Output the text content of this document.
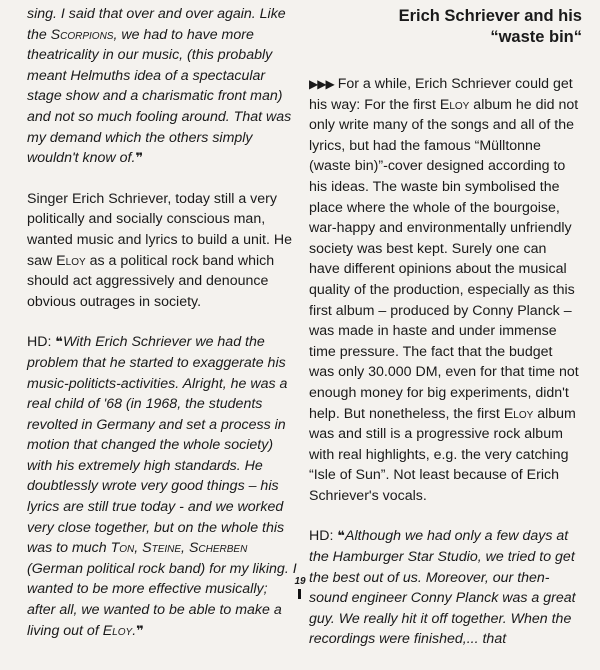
sing. I said that over and over again. Like the Scorpions, we had to have more theatricality in our music, (this probably meant Helmuths idea of a spectacular stage show and a charismatic front man) and not so much fooling around. That was my demand which the others simply wouldn't know of.❞

Singer Erich Schriever, today still a very politically and socially conscious man, wanted music and lyrics to build a unit. He saw Eloy as a political rock band which should act aggressively and denounce obvious outrages in society.

HD: ❝With Erich Schriever we had the problem that he started to exaggerate his music-politicts-activities. Alright, he was a real child of '68 (in 1968, the students revolted in Germany and set a process in motion that changed the whole society) with his extremely high standards. He doubtlessly wrote very good things – his lyrics are still true today - and we worked very close together, but on the whole this was to much Ton, Steine, Scherben (German political rock band) for my liking. I wanted to be more effective musically; after all, we wanted to be able to make a living out of Eloy.❞

Erich Schriever and his
“waste bin“

▶▶▶ For a while, Erich Schriever could get his way: For the first Eloy album he did not only write many of the songs and all of the lyrics, but had the famous “Mülltonne (waste bin)”-cover designed according to his ideas. The waste bin symbolised the place where the whole of the bourgoise, war-happy and environmentally unfriendly society was best kept. Surely one can have different opinions about the musical quality of the production, especially as this first album – produced by Conny Planck – was made in haste and under immense time pressure. The fact that the budget was only 30.000 DM, even for that time not enough money for big experiments, didn't help. But nonetheless, the first Eloy album was and still is a progressive rock album with real highlights, e.g. the very catching “Isle of Sun”. Not least because of Erich Schriever's vocals.

HD: ❝Although we had only a few days at the Hamburger Star Studio, we tried to get the best out of us. Moreover, our then-sound engineer Conny Planck was a great guy. We really hit it off together. When the recordings were finished,... that

19
